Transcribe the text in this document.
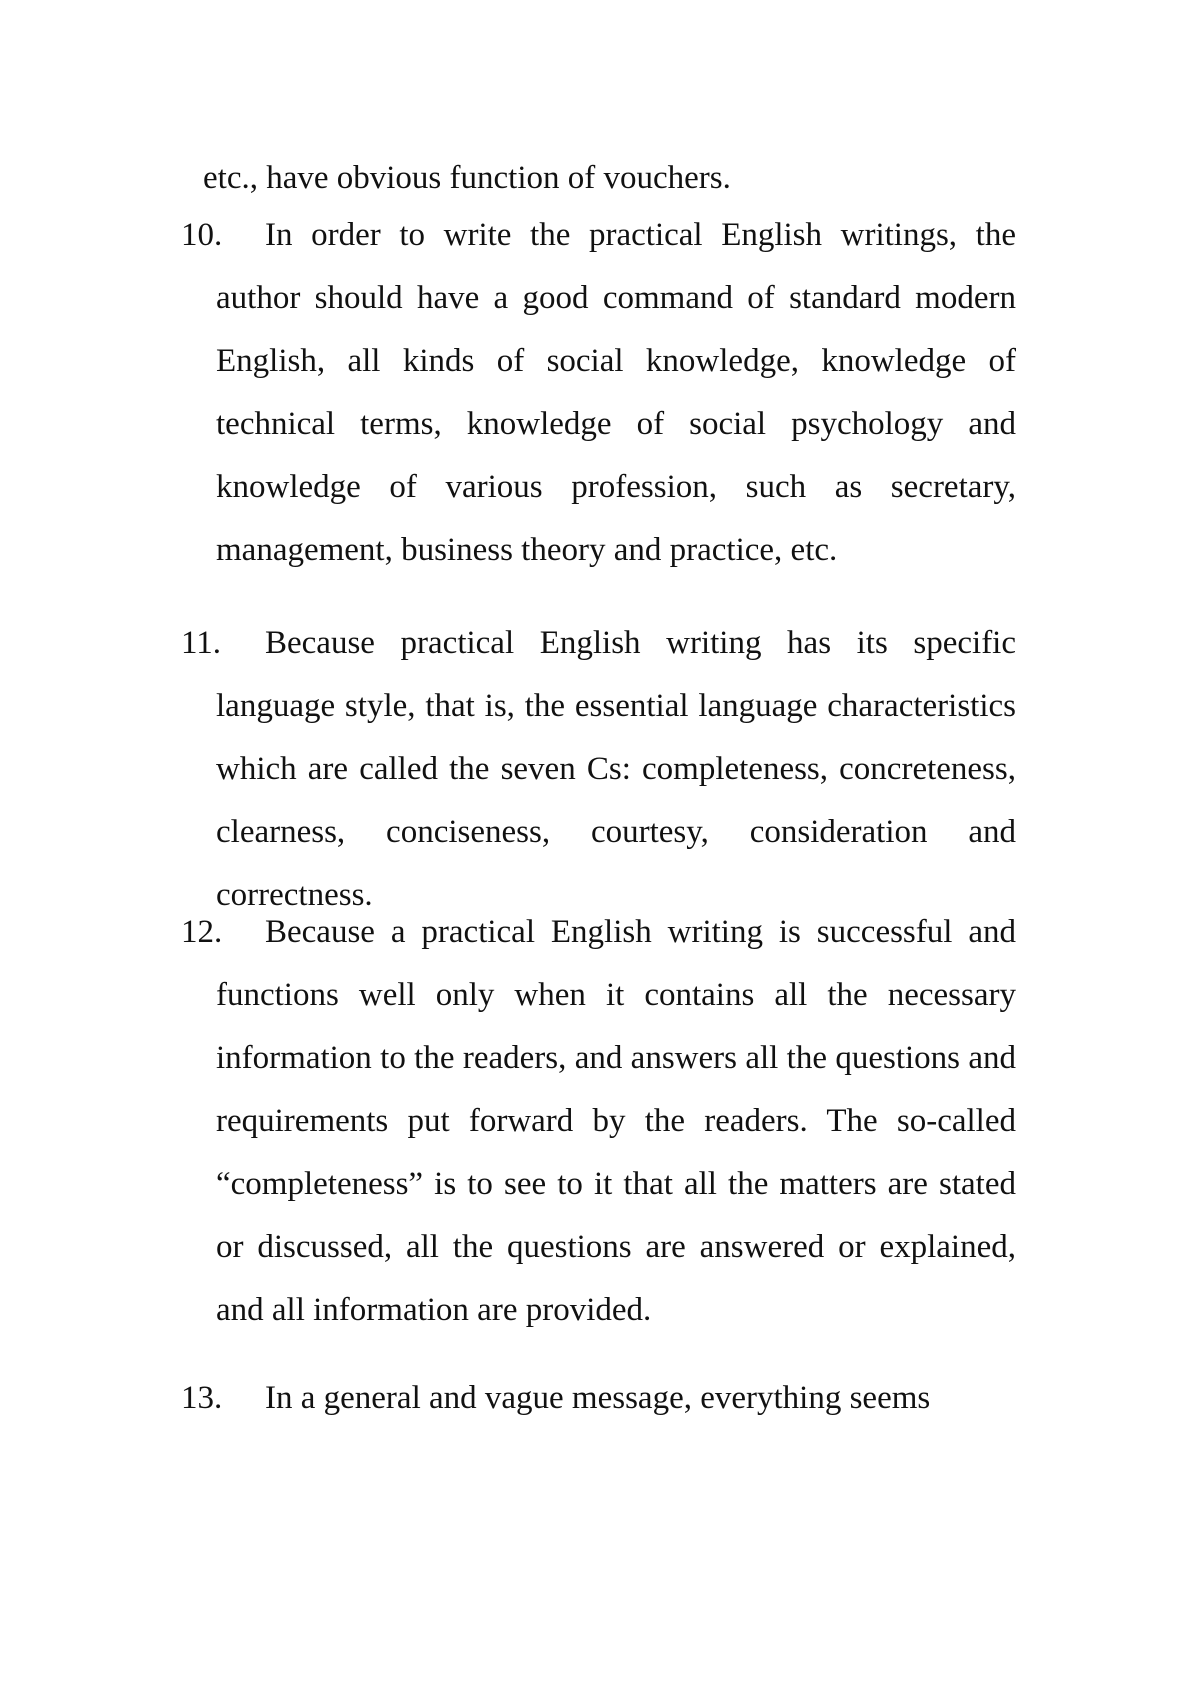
etc., have obvious function of vouchers.
10.	In order to write the practical English writings, the author should have a good command of standard modern English, all kinds of social knowledge, knowledge of technical terms, knowledge of social psychology and knowledge of various profession, such as secretary, management, business theory and practice, etc.
11.	Because practical English writing has its specific language style, that is, the essential language characteristics which are called the seven Cs: completeness, concreteness, clearness, conciseness, courtesy, consideration and correctness.
12.	Because a practical English writing is successful and functions well only when it contains all the necessary information to the readers, and answers all the questions and requirements put forward by the readers. The so-called “completeness” is to see to it that all the matters are stated or discussed, all the questions are answered or explained, and all information are provided.
13.	In a general and vague message, everything seems
